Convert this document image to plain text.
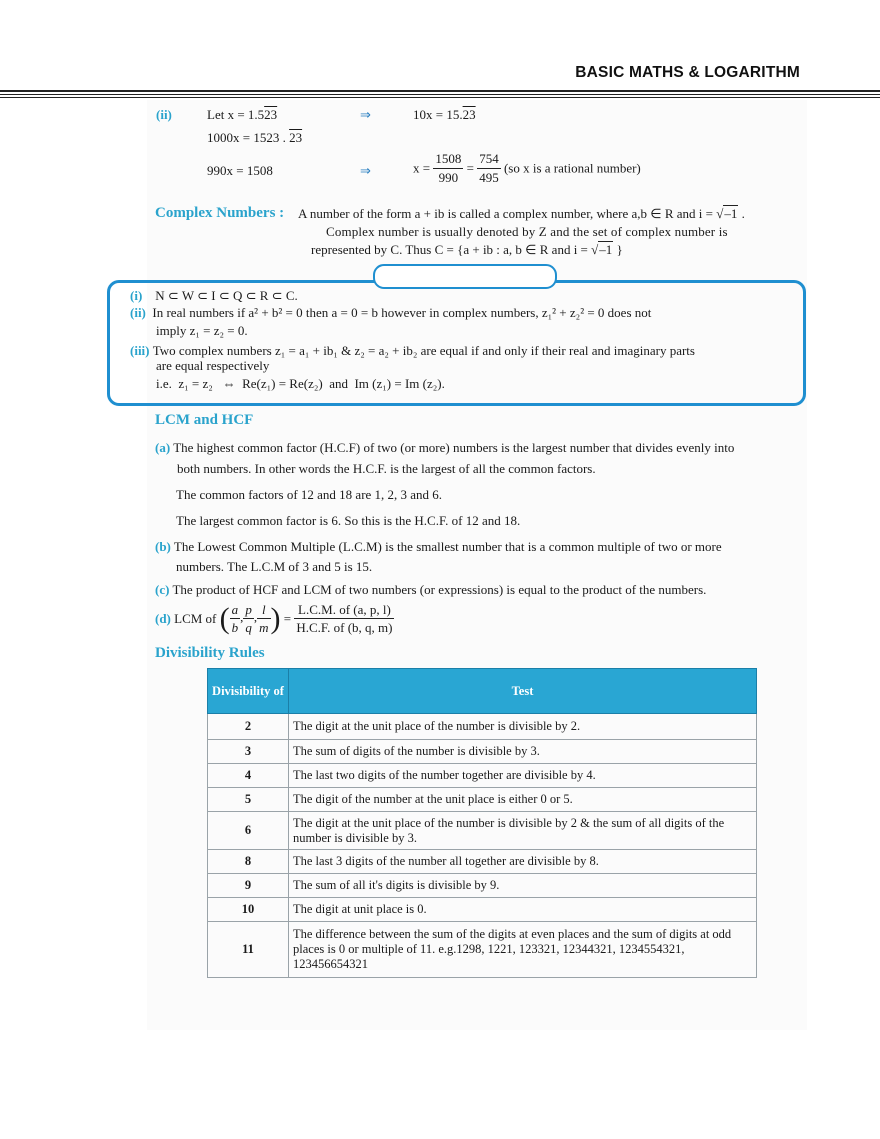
BASIC MATHS & LOGARITHM
(ii)	Let x = 1.523	⇒	10x = 15.23
1000x = 1523 . 23
990x = 1508	⇒	$x = \frac{1508}{990} = \frac{754}{495} (so$ x is a rational number)
Complex Numbers : A number of the form a + ib is called a complex number, where a,b ∈ R and i = √–1 .
Complex number is usually denoted by Z and the set of complex number is
represented by C. Thus C = {a + ib : a, b ∈ R and i = √–1 }
(i) N ⊂ W ⊂ I ⊂ Q ⊂ R ⊂ C.
(ii) In real numbers if a² + b² = 0 then a = 0 = b however in complex numbers, z₁² + z₂² = 0 does not
imply z₁ = z₂ = 0.
(iii) Two complex numbers z₁ = a₁ + ib₁ & z₂ = a₂ + ib₂ are equal if and only if their real and imaginary parts
are equal respectively
i.e.  z₁ = z₂   ⇔  Re(z₁) = Re(z₂)  and  Im (z₁) = Im (z₂).
LCM and HCF
(a) The highest common factor (H.C.F) of two (or more) numbers is the largest number that divides evenly into
both numbers. In other words the H.C.F. is the largest of all the common factors.
The common factors of 12 and 18 are 1, 2, 3 and 6.
The largest common factor is 6. So this is the H.C.F. of 12 and 18.
(b) The Lowest Common Multiple (L.C.M) is the smallest number that is a common multiple of two or more
numbers. The L.C.M of 3 and 5 is 15.
(c) The product of HCF and LCM of two numbers (or expressions) is equal to the product of the numbers.
(d) LCM of ( $\frac{a}{b}$ , $\frac{p}{q}$ , $\frac{l}{m}$ ) = $\frac{L.C.M. of (a, p, l)}{H.C.F. of (b, q, m)}$
Divisibility Rules
Divisibility of	Test
2	The digit at the unit place of the number is divisible by 2.
3	The sum of digits of the number is divisible by 3.
4	The last two digits of the number together are divisible by 4.
5	The digit of the number at the unit place is either 0 or 5.
6	The digit at the unit place of the number is divisible by 2 & the sum of all digits of the number is divisible by 3.
8	The last 3 digits of the number all together are divisible by 8.
9	The sum of all it's digits is divisible by 9.
10	The digit at unit place is 0.
11	The difference between the sum of the digits at even places and the sum of digits at odd places is 0 or multiple of 11. e.g.1298, 1221, 123321, 12344321, 1234554321, 123456654321
